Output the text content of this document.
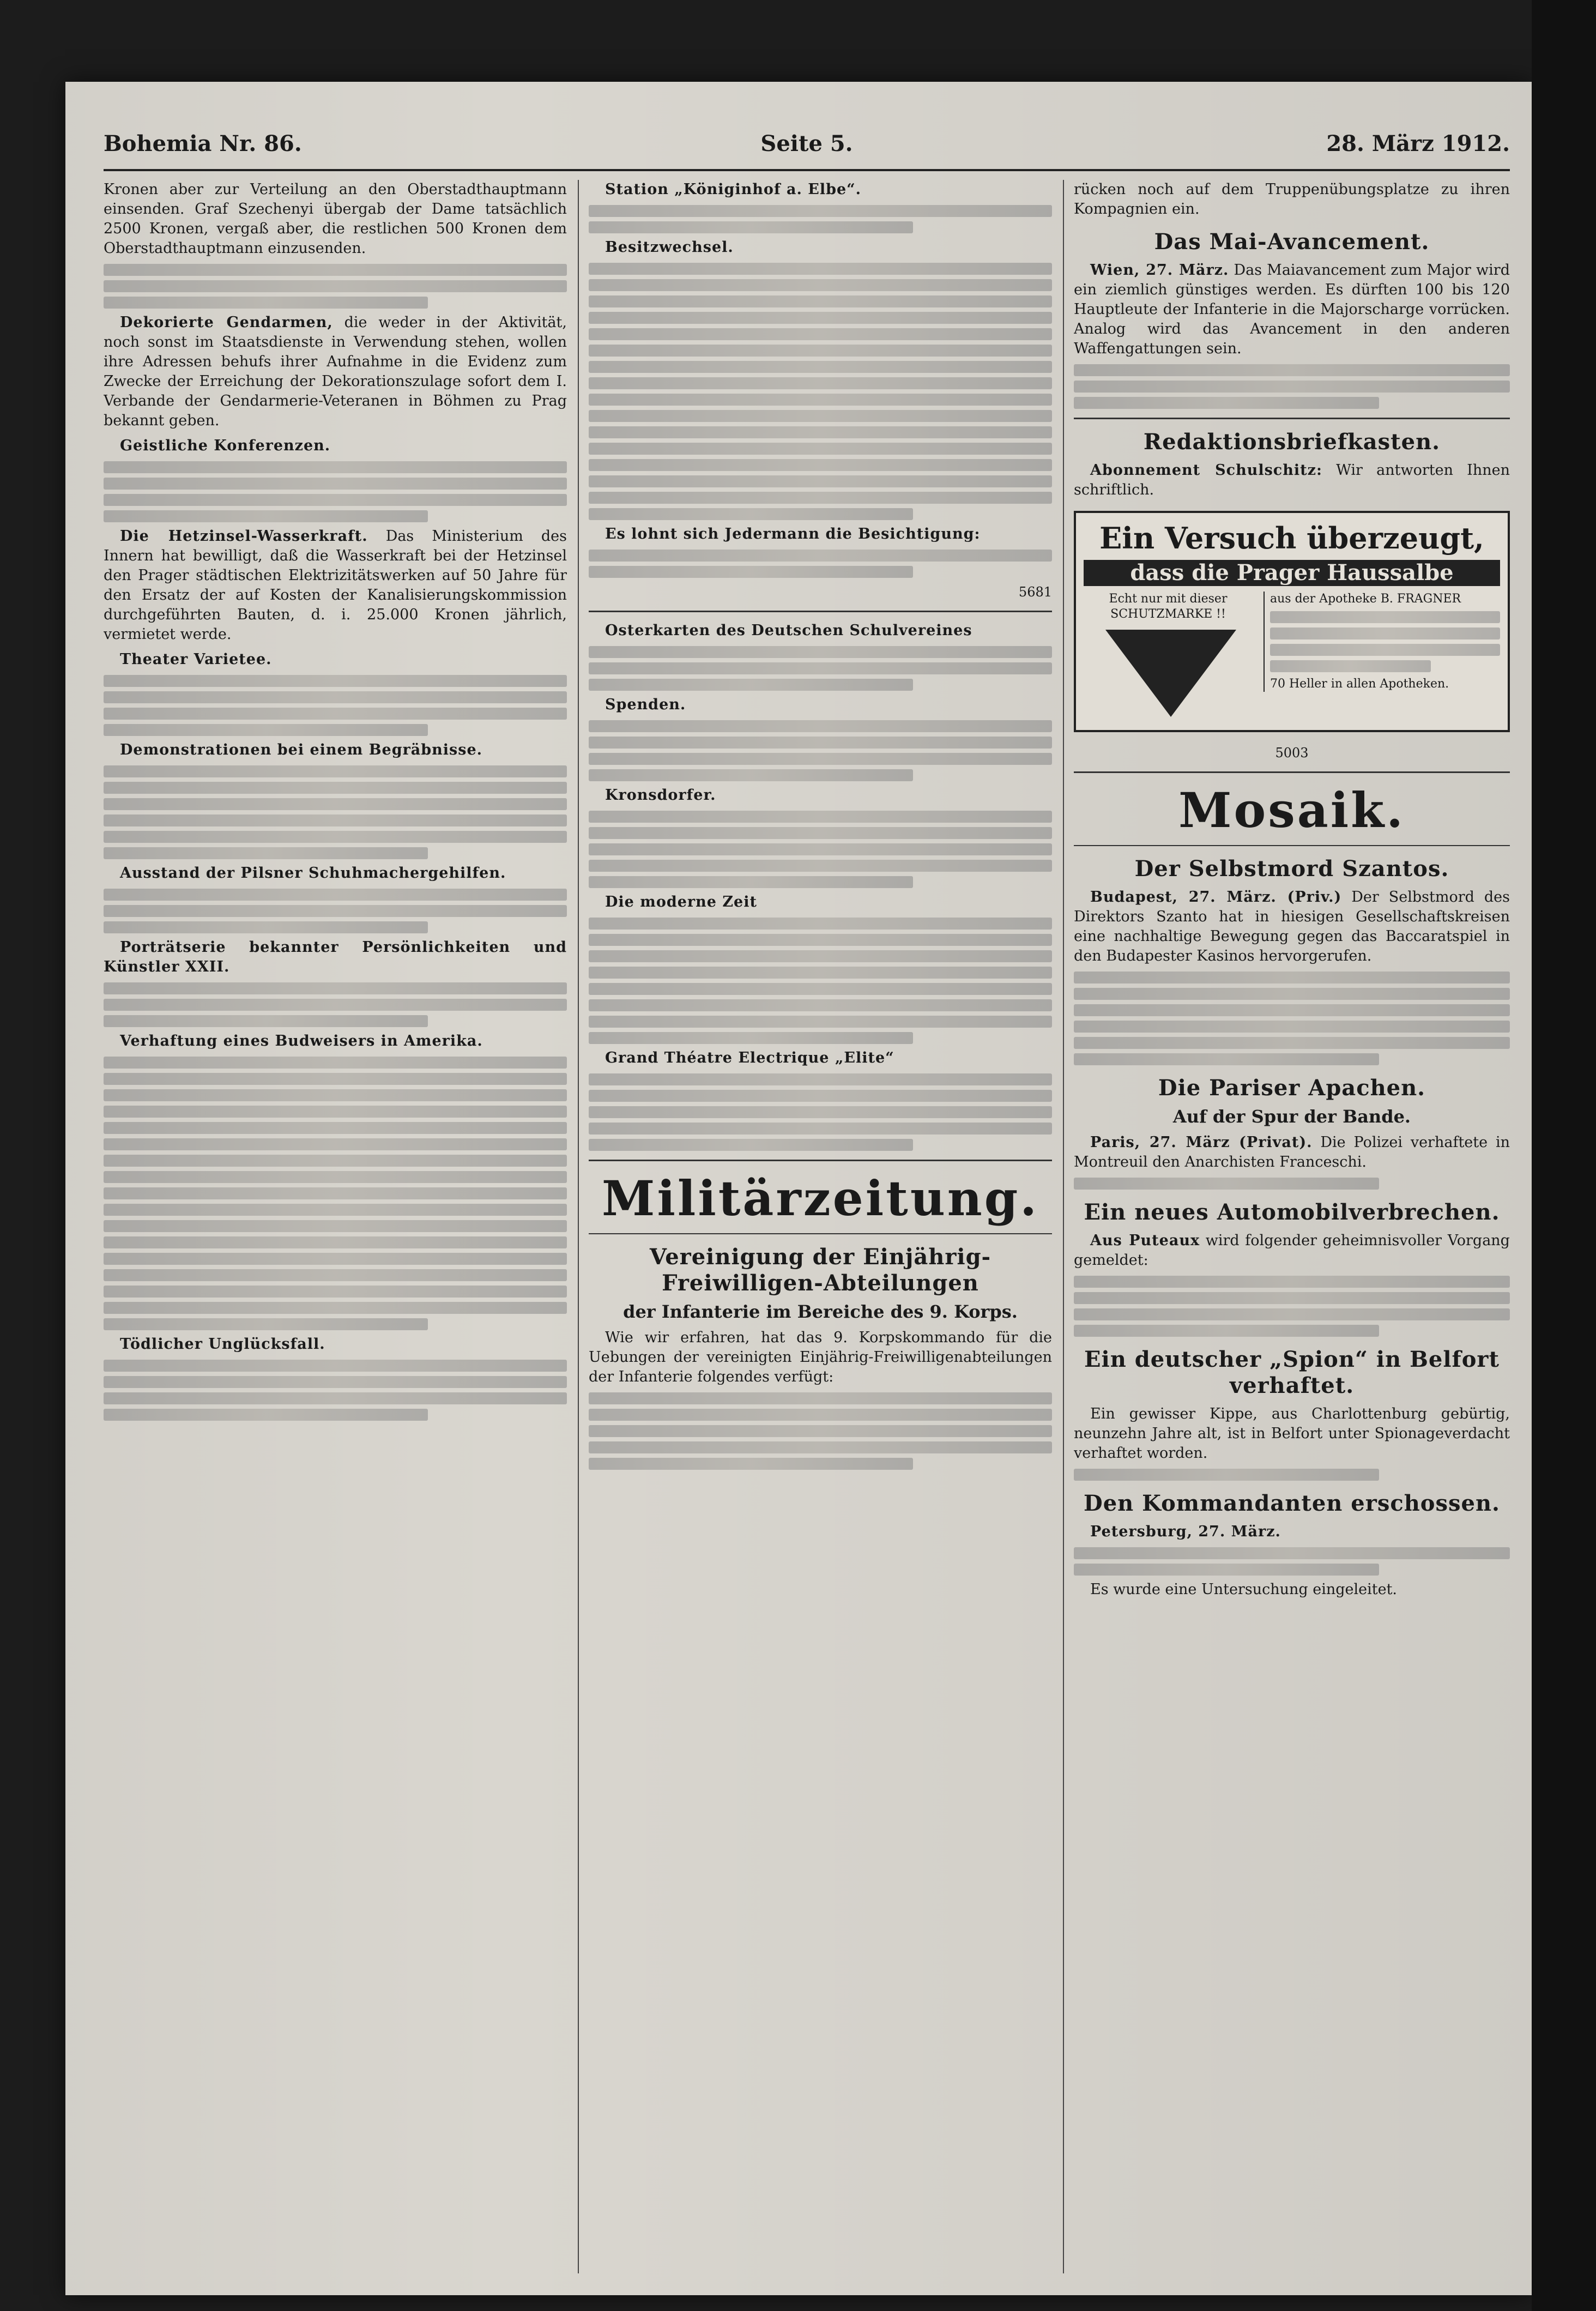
Bohemia Nr. 86.	Seite 5.	28. März 1912.

Kronen aber zur Verteilung an den Oberstadthauptmann einsenden. Graf Szechenyi übergab der Dame tatsächlich 2500 Kronen, vergaß aber, die restlichen 500 Kronen dem Oberstadthauptmann einzusenden.

Dekorierte Gendarmen, die weder in der Aktivität, noch sonst im Staatsdienste in Verwendung stehen, wollen ihre Adressen behufs ihrer Aufnahme in die Evidenz zum Zwecke der Erreichung der Dekorationszulage sofort dem I. Verbande der Gendarmerie-Veteranen in Böhmen zu Prag bekannt geben.

Geistliche Konferenzen.

Die Hetzinsel-Wasserkraft. Das Ministerium des Innern hat bewilligt, daß die Wasserkraft bei der Hetzinsel den Prager städtischen Elektrizitätswerken auf 50 Jahre für den Ersatz der auf Kosten der Kanalisierungskommission durchgeführten Bauten, d. i. 25.000 Kronen jährlich, vermietet werde.

Theater Varietee.

Demonstrationen bei einem Begräbnisse.

Ausstand der Pilsner Schuhmachergehilfen.

Porträtserie bekannter Persönlichkeiten und Künstler XXII.

Verhaftung eines Budweisers in Amerika.

Tödlicher Unglücksfall.

Station „Königinhof a. Elbe“.

Besitzwechsel.

Es lohnt sich Jedermann die Besichtigung:

5681

Osterkarten des Deutschen Schulvereines

Spenden.

Kronsdorfer.

Die moderne Zeit

Grand Théatre Electrique „Elite“

Militärzeitung.
Vereinigung der Einjährig-Freiwilligen-Abteilungen
der Infanterie im Bereiche des 9. Korps.

Wie wir erfahren, hat das 9. Korpskommando für die Uebungen der vereinigten Einjährig-Freiwilligenabteilungen der Infanterie folgendes verfügt:

rücken noch auf dem Truppenübungsplatze zu ihren Kompagnien ein.

Das Mai-Avancement.

Wien, 27. März. Das Maiavancement zum Major wird ein ziemlich günstiges werden. Es dürften 100 bis 120 Hauptleute der Infanterie in die Majorscharge vorrücken. Analog wird das Avancement in den anderen Waffengattungen sein.

Redaktionsbriefkasten.

Abonnement Schulschitz: Wir antworten Ihnen schriftlich.

Ein Versuch überzeugt,
dass die Prager Haussalbe
Echt nur mit dieser SCHUTZMARKE !!
aus der Apotheke B. FRAGNER
70 Heller in allen Apotheken.
5003
Mosaik.
Der Selbstmord Szantos.

Budapest, 27. März. (Priv.) Der Selbstmord des Direktors Szanto hat in hiesigen Gesellschaftskreisen eine nachhaltige Bewegung gegen das Baccaratspiel in den Budapester Kasinos hervorgerufen.

Die Pariser Apachen.
Auf der Spur der Bande.

Paris, 27. März (Privat). Die Polizei verhaftete in Montreuil den Anarchisten Franceschi.

Ein neues Automobilverbrechen.

Aus Puteaux wird folgender geheimnisvoller Vorgang gemeldet:

Ein deutscher „Spion“ in Belfort verhaftet.

Ein gewisser Kippe, aus Charlottenburg gebürtig, neunzehn Jahre alt, ist in Belfort unter Spionageverdacht verhaftet worden.

Den Kommandanten erschossen.

Petersburg, 27. März.

Es wurde eine Untersuchung eingeleitet.
